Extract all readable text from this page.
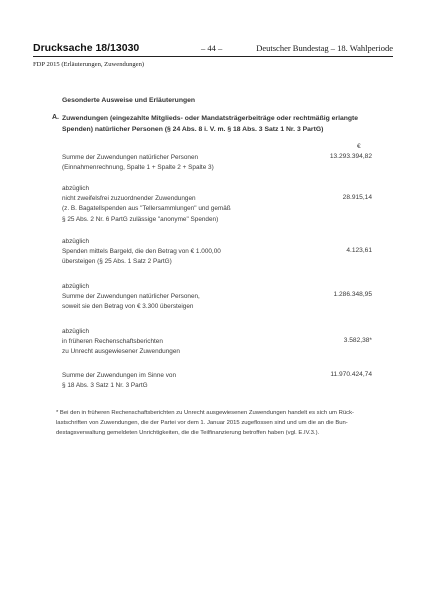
Drucksache 18/13030	– 44 –	Deutscher Bundestag – 18. Wahlperiode
FDP 2015 (Erläuterungen, Zuwendungen)
Gesonderte Ausweise und Erläuterungen
A. Zuwendungen (eingezahlte Mitglieds- oder Mandatsträgerbeiträge oder rechtmäßig erlangte Spenden) natürlicher Personen (§ 24 Abs. 8 i. V. m. § 18 Abs. 3 Satz 1 Nr. 3 PartG)
€
Summe der Zuwendungen natürlicher Personen
(Einnahmenrechnung, Spalte 1 + Spalte 2 + Spalte 3)
13.293.394,82
abzüglich
nicht zweifelsfrei zuzuordnender Zuwendungen
(z. B. Bagatellspenden aus "Tellersammlungen" und gemäß
§ 25 Abs. 2 Nr. 6 PartG zulässige "anonyme" Spenden)
28.915,14
abzüglich
Spenden mittels Bargeld, die den Betrag von € 1.000,00
übersteigen (§ 25 Abs. 1 Satz 2 PartG)
4.123,61
abzüglich
Summe der Zuwendungen natürlicher Personen,
soweit sie den Betrag von € 3.300 übersteigen
1.286.348,95
abzüglich
in früheren Rechenschaftsberichten
zu Unrecht ausgewiesener Zuwendungen
3.582,38*
Summe der Zuwendungen im Sinne von
§ 18 Abs. 3 Satz 1 Nr. 3 PartG
11.970.424,74
* Bei den in früheren Rechenschaftsberichten zu Unrecht ausgewiesenen Zuwendungen handelt es sich um Rück-
lastschriften von Zuwendungen, die der Partei vor dem 1. Januar 2015 zugeflossen sind und um die an die Bun-
destagsverwaltung gemeldeten Unrichtigkeiten, die die Teilfinanzierung betroffen haben (vgl. E.IV.3.).
